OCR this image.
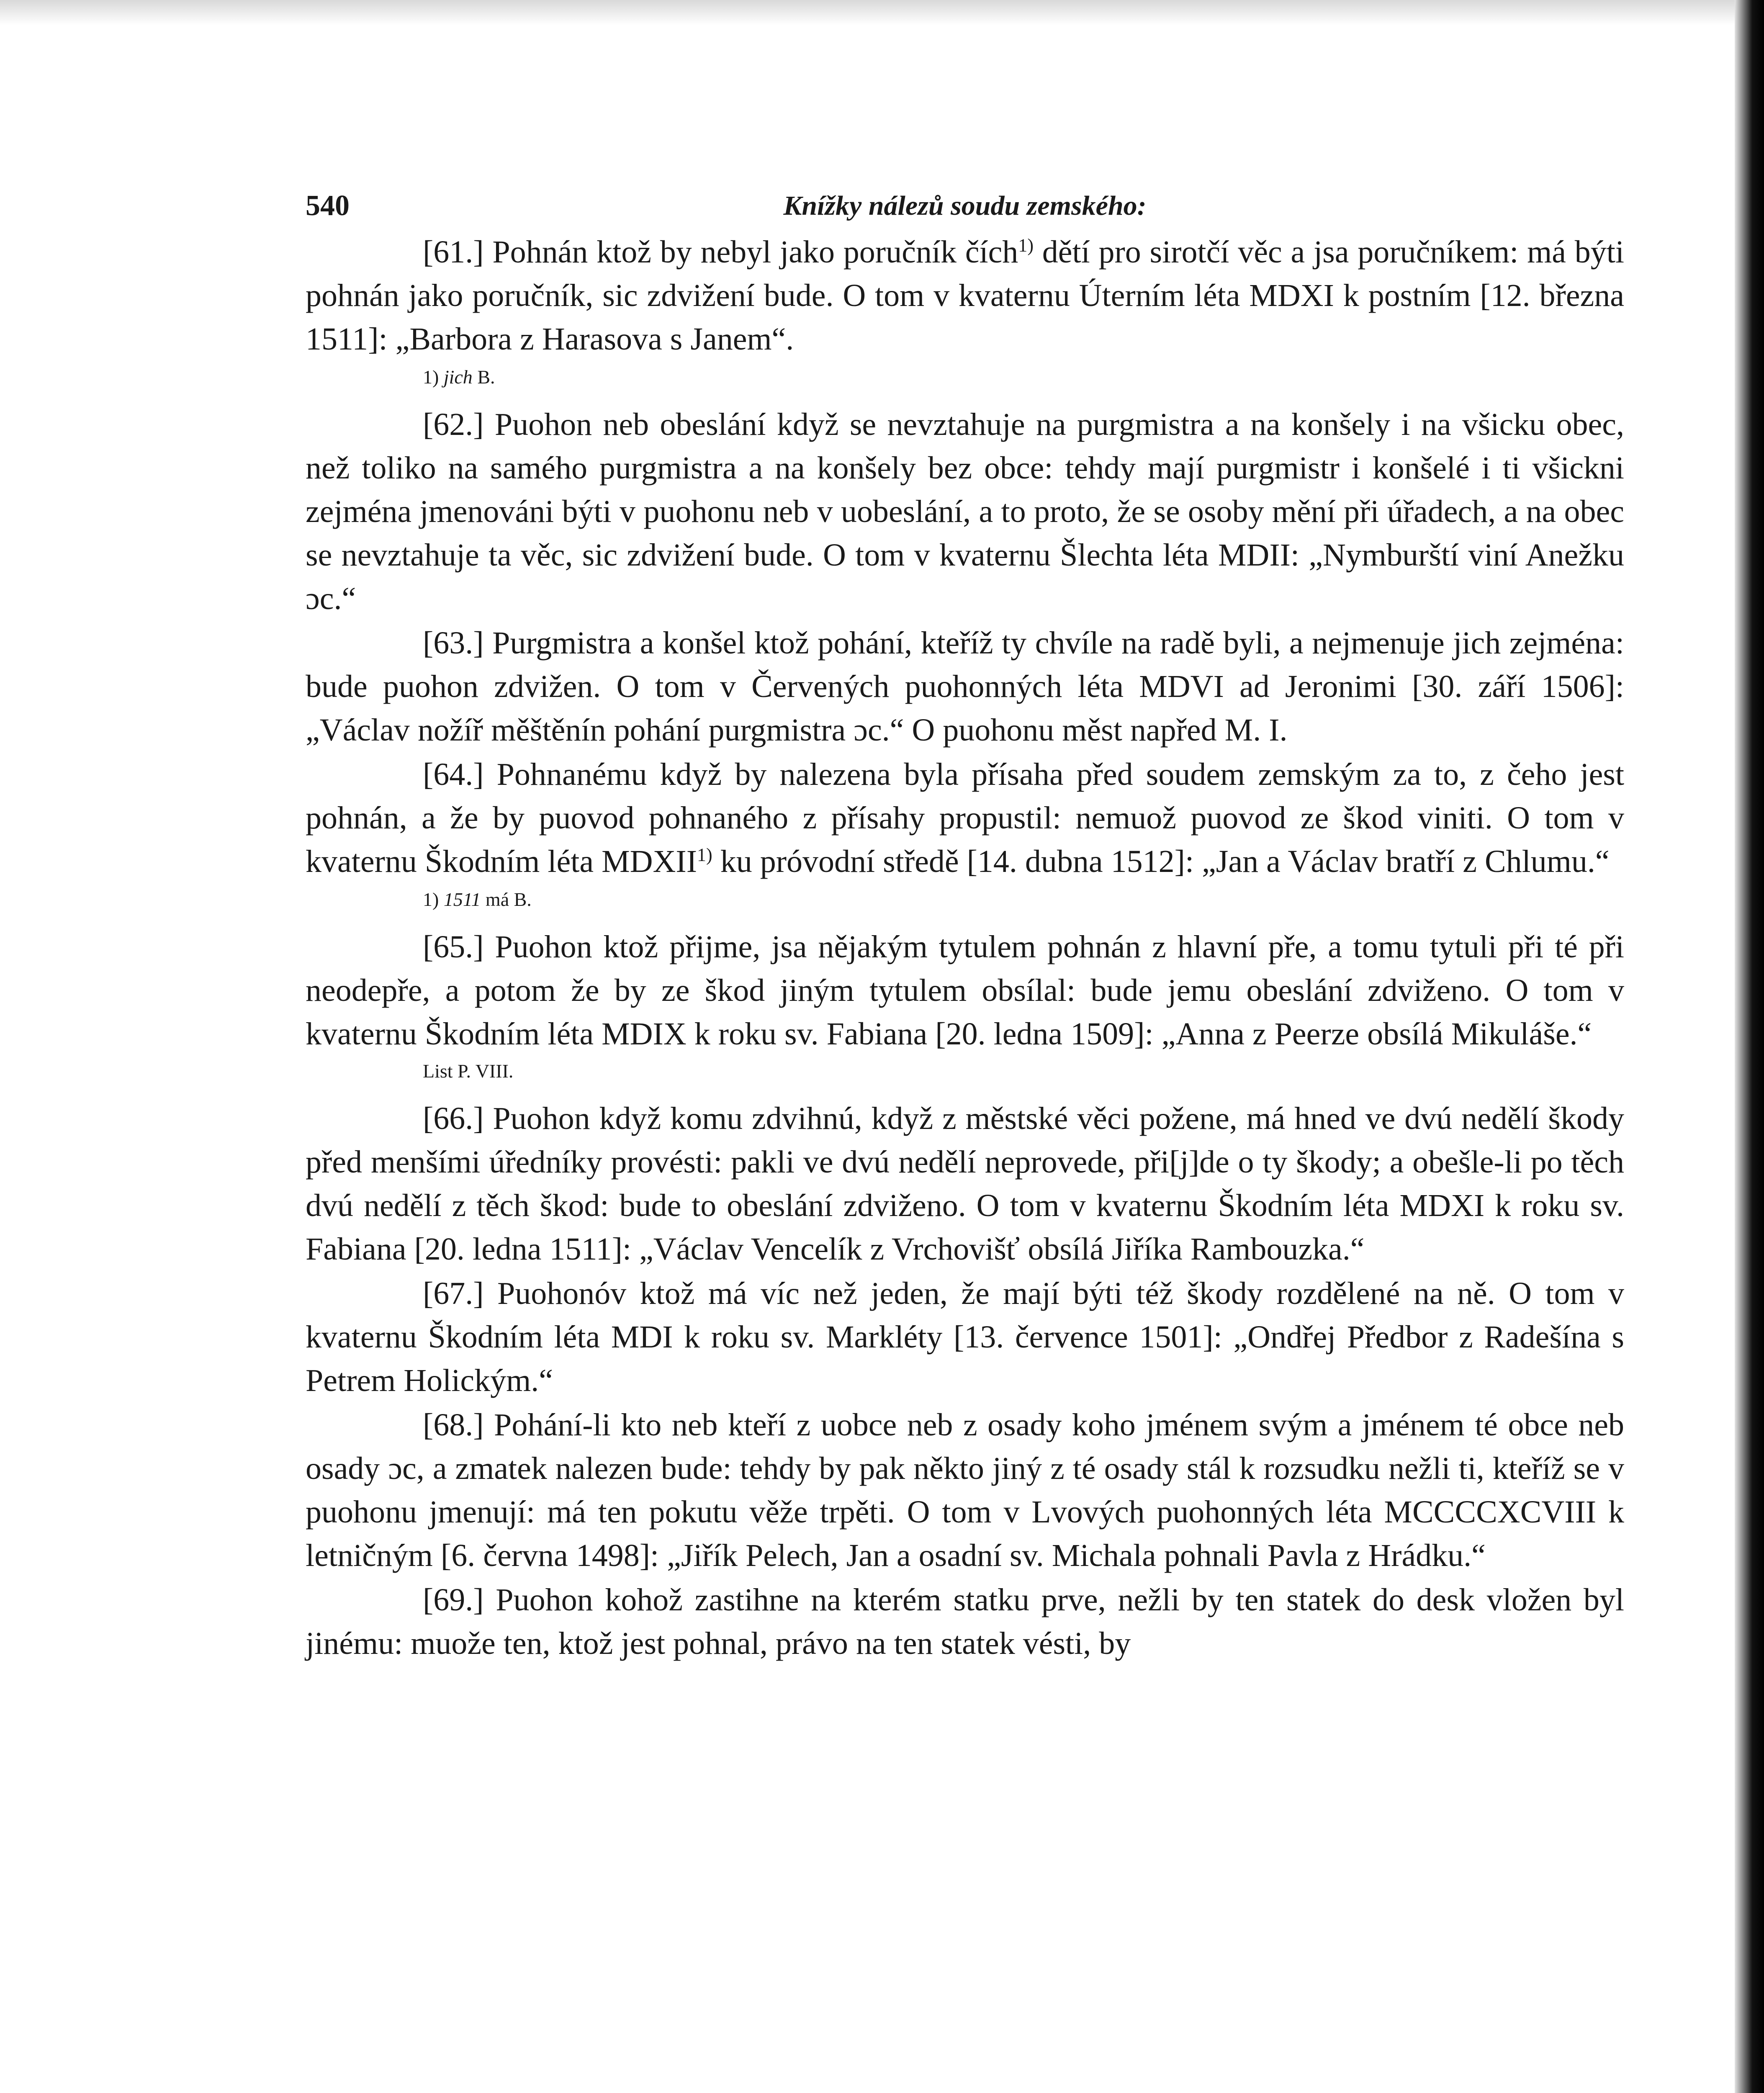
540	Knížky nálezů soudu zemského:

[61.] Pohnán ktož by nebyl jako poručník čích$^{1)}$ dětí pro sirotčí věc a jsa poručníkem: má býti pohnán jako poručník, sic zdvižení bude. O tom v kvaternu Úterním léta MDXI k postním [12. března 1511]: „Barbora z Harasova s Janem“.

1) jich B.

[62.] Puohon neb obeslání když se nevztahuje na purgmistra a na konšely i na všicku obec, než toliko na samého purgmistra a na konšely bez obce: tehdy mají purgmistr i konšelé i ti všickni zejména jmenováni býti v puohonu neb v uobeslání, a to proto, že se osoby mění při úřadech, a na obec se nevztahuje ta věc, sic zdvižení bude. O tom v kvaternu Šlechta léta MDII: „Nymburští viní Anežku ɔc.“

[63.] Purgmistra a konšel ktož pohání, kteříž ty chvíle na radě byli, a nejmenuje jich zejména: bude puohon zdvižen. O tom v Červených puohonných léta MDVI ad Jeronimi [30. září 1506]: „Václav nožíř měštěnín pohání purgmistra ɔc.“ O puohonu měst napřed M. I.

[64.] Pohnanému když by nalezena byla přísaha před soudem zemským za to, z čeho jest pohnán, a že by puovod pohnaného z přísahy propustil: nemuož puovod ze škod viniti. O tom v kvaternu Škodním léta MDXII$^{1)}$ ku próvodní středě [14. dubna 1512]: „Jan a Václav bratří z Chlumu.“

1) 1511 má B.

[65.] Puohon ktož přijme, jsa nějakým tytulem pohnán z hlavní pře, a tomu tytuli při té při neodepře, a potom že by ze škod jiným tytulem obsílal: bude jemu obeslání zdviženo. O tom v kvaternu Škodním léta MDIX k roku sv. Fabiana [20. ledna 1509]: „Anna z Peerze obsílá Mikuláše.“

List P. VIII.

[66.] Puohon když komu zdvihnú, když z městské věci požene, má hned ve dvú nedělí škody před menšími úředníky provésti: pakli ve dvú nedělí neprovede, při[j]de o ty škody; a obešle-li po těch dvú nedělí z těch škod: bude to obeslání zdviženo. O tom v kvaternu Škodním léta MDXI k roku sv. Fabiana [20. ledna 1511]: „Václav Vencelík z Vrchovišť obsílá Jiříka Rambouzka.“

[67.] Puohonóv ktož má víc než jeden, že mají býti též škody rozdělené na ně. O tom v kvaternu Škodním léta MDI k roku sv. Markléty [13. července 1501]: „Ondřej Předbor z Radešína s Petrem Holickým.“

[68.] Pohání-li kto neb kteří z uobce neb z osady koho jménem svým a jménem té obce neb osady ɔc, a zmatek nalezen bude: tehdy by pak někto jiný z té osady stál k rozsudku nežli ti, kteříž se v puohonu jmenují: má ten pokutu věže trpěti. O tom v Lvových puohonných léta MCCCCXCVIII k letničným [6. června 1498]: „Jiřík Pelech, Jan a osadní sv. Michala pohnali Pavla z Hrádku.“

[69.] Puohon kohož zastihne na kterém statku prve, nežli by ten statek do desk vložen byl jinému: muože ten, ktož jest pohnal, právo na ten statek vésti, by
